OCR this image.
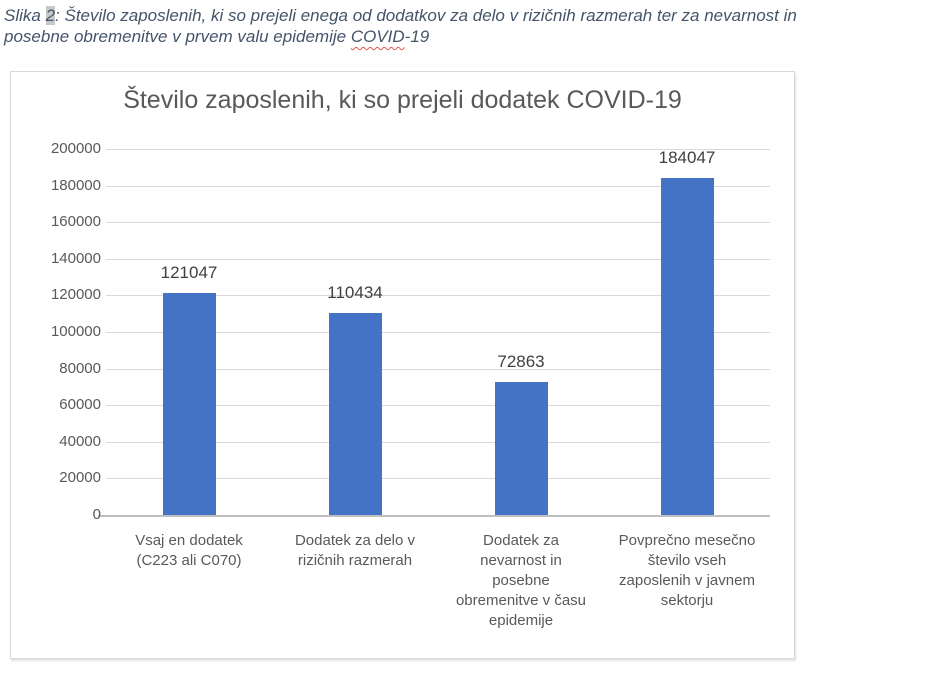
Slika 2: Število zaposlenih, ki so prejeli enega od dodatkov za delo v rizičnih razmerah ter za nevarnost in
posebne obremenitve v prvem valu epidemije COVID-19

Število zaposlenih, ki so prejeli dodatek COVID-19
0
20000
40000
60000
80000
100000
120000
140000
160000
180000
200000
121047
Vsaj en dodatek
(C223 ali C070)
110434
Dodatek za delo v
rizičnih razmerah
72863
Dodatek za
nevarnost in
posebne
obremenitve v času
epidemije
184047
Povprečno mesečno
število vseh
zaposlenih v javnem
sektorju
